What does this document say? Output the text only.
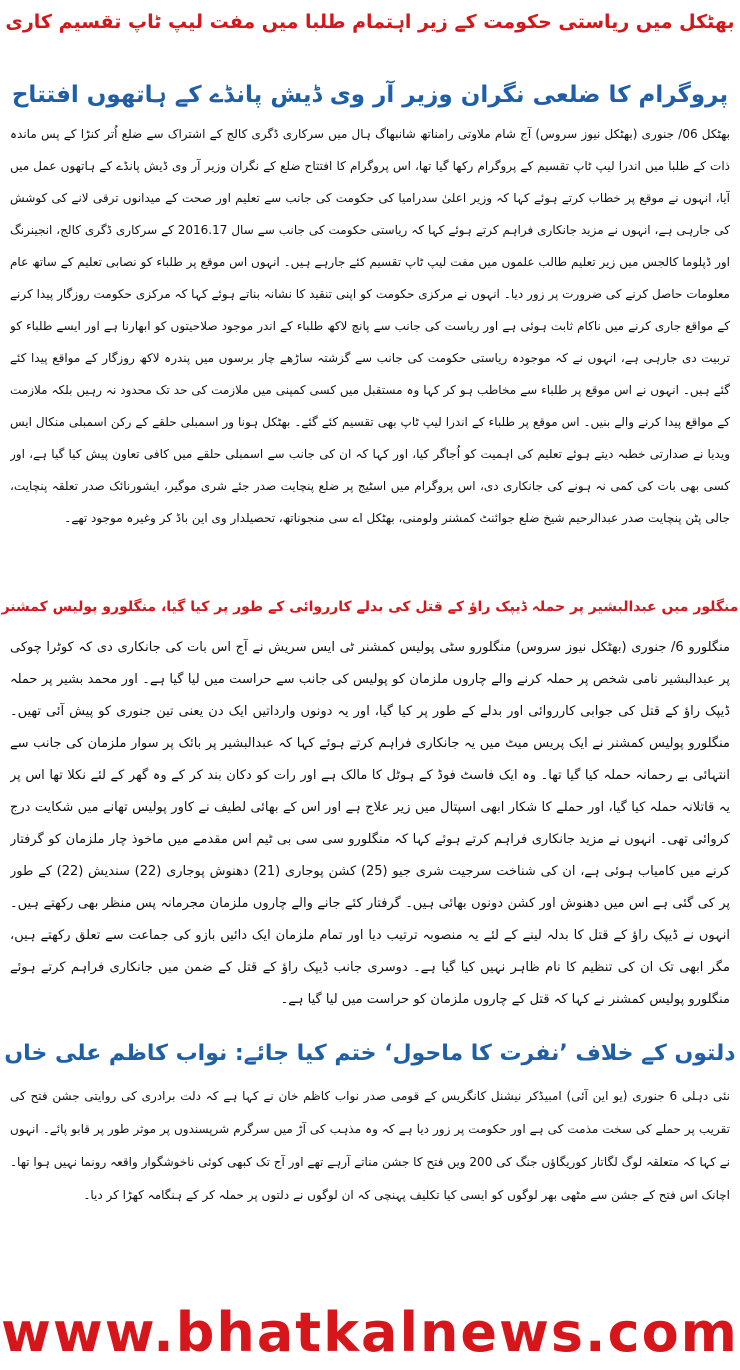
بھٹکل میں ریاستی حکومت کے زیر اہتمام طلبا میں مفت لیپ ٹاپ تقسیم کاری
پروگرام کا ضلعی نگران وزیر آر وی ڈیش پانڈے کے ہاتھوں افتتاح
بھٹکل 06/ جنوری (بھٹکل نیوز سروس) آج شام ملاوتی رامناتھ شانبھاگ ہال میں سرکاری ڈگری کالج کے اشتراک سے ضلع اُتر کنڑا کے پس ماندہ ذات کے طلبا میں اندرا لیپ ٹاپ تقسیم کے پروگرام رکھا گیا تھا، اس پروگرام کا افتتاح ضلع کے نگران وزیر آر وی ڈیش پانڈے کے ہاتھوں عمل میں آیا، انہوں نے موقع پر خطاب کرتے ہوئے کہا کہ وزیر اعلیٰ سدرامیا کی حکومت کی جانب سے تعلیم اور صحت کے میدانوں ترقی لانے کی کوشش کی جارہی ہے، انہوں نے مزید جانکاری فراہم کرتے ہوئے کہا کہ ریاستی حکومت کی جانب سے سال 2016.17 کے سرکاری ڈگری کالج، انجینرنگ اور ڈپلوما کالجس میں زیر تعلیم طالب علموں میں مفت لیپ ٹاپ تقسیم کئے جارہے ہیں۔ انہوں اس موقع پر طلباء کو نصابی تعلیم کے ساتھ عام معلومات حاصل کرنے کی ضرورت پر زور دیا۔ انہوں نے مرکزی حکومت کو اپنی تنقید کا نشانہ بناتے ہوئے کہا کہ مرکزی حکومت روزگار پیدا کرنے کے مواقع جاری کرنے میں ناکام ثابت ہوئی ہے اور ریاست کی جانب سے پانچ لاکھ طلباء کے اندر موجود صلاحیتوں کو ابھارنا ہے اور ایسے طلباء کو تربیت دی جارہی ہے، انہوں نے کہ موجودہ ریاستی حکومت کی جانب سے گزشتہ ساڑھے چار برسوں میں پندرہ لاکھ روزگار کے مواقع پیدا کئے گئے ہیں۔ انہوں نے اس موقع پر طلباء سے مخاطب ہو کر کہا وہ مستقبل میں کسی کمپنی میں ملازمت کی حد تک محدود نہ رہیں بلکہ ملازمت کے مواقع پیدا کرنے والے بنیں۔ اس موقع پر طلباء کے اندرا لیپ ٹاپ بھی تقسیم کئے گئے۔ بھٹکل ہونا ور اسمبلی حلقے کے رکن اسمبلی منکال ایس ویدیا نے صدارتی خطبہ دیتے ہوئے تعلیم کی اہمیت کو اُجاگر کیا، اور کہا کہ ان کی جانب سے اسمبلی حلقے میں کافی تعاون پیش کیا گیا ہے، اور کسی بھی بات کی کمی نہ ہونے کی جانکاری دی، اس پروگرام میں اسٹیج پر ضلع پنچایت صدر جئے شری موگیر، ایشورنائک صدر تعلقہ پنچایت، جالی پٹن پنچایت صدر عبدالرحیم شیخ ضلع جوائنٹ کمشنر ولومنی، بھٹکل اے سی منجوناتھ، تحصیلدار وی این باڈ کر وغیرہ موجود تھے۔
منگلور میں عبدالبشیر پر حملہ ڈیپک راؤ کے قتل کی بدلے کارروائی کے طور پر کیا گیا، منگلورو پولیس کمشنر
منگلورو 6/ جنوری (بھٹکل نیوز سروس) منگلورو سٹی پولیس کمشنر ٹی ایس سریش نے آج اس بات کی جانکاری دی کہ کوٹرا چوکی پر عبدالبشیر نامی شخص پر حملہ کرنے والے چاروں ملزمان کو پولیس کی جانب سے حراست میں لیا گیا ہے۔ اور محمد بشیر پر حملہ ڈیپک راؤ کے قتل کی جوابی کارروائی اور بدلے کے طور پر کیا گیا، اور یہ دونوں وارداتیں ایک دن یعنی تین جنوری کو پیش آئی تھیں۔ منگلورو پولیس کمشنر نے ایک پریس میٹ میں یہ جانکاری فراہم کرتے ہوئے کہا کہ عبدالبشیر پر بائک پر سوار ملزمان کی جانب سے انتہائی بے رحمانہ حملہ کیا گیا تھا۔ وہ ایک فاسٹ فوڈ کے ہوٹل کا مالک ہے اور رات کو دکان بند کر کے وہ گھر کے لئے نکلا تھا اس پر یہ قاتلانہ حملہ کیا گیا، اور حملے کا شکار ابھی اسپتال میں زیر علاج ہے اور اس کے بھائی لطیف نے کاور پولیس تھانے میں شکایت درج کروائی تھی۔ انہوں نے مزید جانکاری فراہم کرتے ہوئے کہا کہ منگلورو سی سی بی ٹیم اس مقدمے میں ماخوذ چار ملزمان کو گرفتار کرنے میں کامیاب ہوئی ہے، ان کی شناخت سرجیت شری جیو (25) کشن پوجاری (21) دھنوش پوجاری (22) سندیش (22) کے طور پر کی گئی ہے اس میں دھنوش اور کشن دونوں بھائی ہیں۔ گرفتار کئے جانے والے چاروں ملزمان مجرمانہ پس منظر بھی رکھتے ہیں۔ انہوں نے ڈیپک راؤ کے قتل کا بدلہ لینے کے لئے یہ منصوبہ ترتیب دیا اور تمام ملزمان ایک دائیں بازو کی جماعت سے تعلق رکھتے ہیں، مگر ابھی تک ان کی تنظیم کا نام ظاہر نہیں کیا گیا ہے۔ دوسری جانب ڈیپک راؤ کے قتل کے ضمن میں جانکاری فراہم کرتے ہوئے منگلورو پولیس کمشنر نے کہا کہ قتل کے چاروں ملزمان کو حراست میں لیا گیا ہے۔
دلتوں کے خلاف ’نفرت کا ماحول‘ ختم کیا جائے: نواب کاظم علی خاں
نئی دہلی 6 جنوری (یو این آئی) امبیڈکر نیشنل کانگریس کے قومی صدر نواب کاظم خان نے کہا ہے کہ دلت برادری کی روایتی جشن فتح کی تقریب پر حملے کی سخت مذمت کی ہے اور حکومت پر زور دیا ہے کہ وہ مذہب کی آڑ میں سرگرم شرپسندوں پر موثر طور پر قابو پائے۔ انہوں نے کہا کہ متعلقہ لوگ لگاتار کوریگاؤں جنگ کی 200 ویں فتح کا جشن مناتے آرہے تھے اور آج تک کبھی کوئی ناخوشگوار واقعہ رونما نہیں ہوا تھا۔ اچانک اس فتح کے جشن سے مٹھی بھر لوگوں کو ایسی کیا تکلیف پہنچی کہ ان لوگوں نے دلتوں پر حملہ کر کے ہنگامہ کھڑا کر دیا۔
www.bhatkalnews.com
